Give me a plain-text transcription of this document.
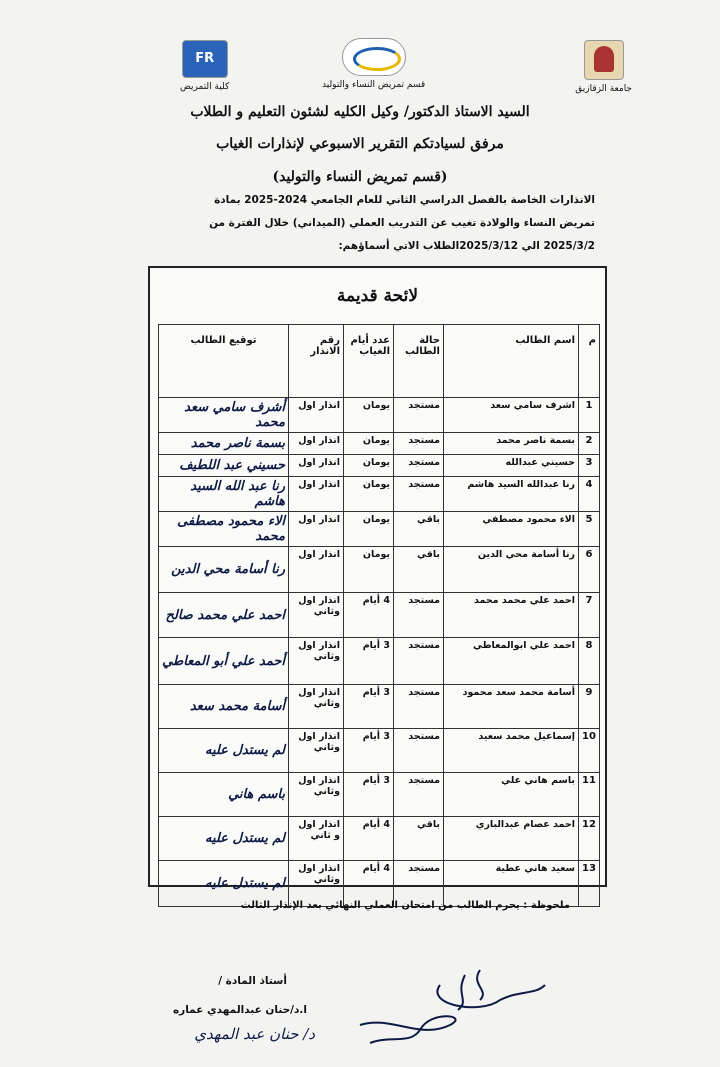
جامعة الزقازيق
قسم تمريض النساء والتوليد
FR
كلية التمريض
السيد الاستاذ الدكتور/ وكيل الكليه لشئون التعليم و الطلاب
مرفق لسيادتكم التقرير الاسبوعي لإنذارات الغياب
(قسم تمريض النساء والتوليد)
الانذارات الخاصة بالفصل الدراسي الثاني للعام الجامعي 2024-2025 بمادة
تمريض النساء والولادة تغيب عن التدريب العملي (الميداني) خلال الفترة من
2025/3/2 الي 2025/3/12الطلاب الاتي أسماؤهم:
لائحة قديمة
م	اسم الطالب	حالة الطالب	عدد أيام الغياب	رقم الانذار	توقيع الطالب
1	اشرف سامي سعد	مستجد	يومان	انذار اول	أشرف سامي سعد محمد
2	بسمة ناصر محمد	مستجد	يومان	انذار اول	بسمة ناصر محمد
3	حسيني عبدالله	مستجد	يومان	انذار اول	حسيني عبد اللطيف
4	رنا عبدالله السيد هاشم	مستجد	يومان	انذار اول	رنا عبد الله السيد هاشم
5	الاء محمود مصطفي	باقي	يومان	انذار اول	الاء محمود مصطفى محمد
6	رنا أسامة محي الدين	باقي	يومان	انذار اول	رنا أسامة محي الدين
7	احمد علي محمد محمد	مستجد	4 أيام	انذار اول وثاني	احمد علي محمد صالح
8	احمد علي ابوالمعاطي	مستجد	3 أيام	انذار اول وثاني	أحمد علي أبو المعاطي
9	أسامة محمد سعد محمود	مستجد	3 أيام	انذار اول وثاني	أسامة محمد سعد
10	إسماعيل محمد سعيد	مستجد	3 أيام	انذار اول وثاني	لم يستدل عليه
11	باسم هاني علي	مستجد	3 أيام	انذار اول وثاني	باسم هاني
12	احمد عصام عبدالباري	باقي	4 أيام	انذار اول و ثاني	لم يستدل عليه
13	سعيد هاني عطية	مستجد	4 أيام	انذار اول وثاني	لم يستدل عليه
ملحوظة : يحرم الطالب من امتحان العملي النهائي بعد الإنذار الثالث
أستاذ المادة /
ا.د/حنان عبدالمهدي عماره
د/ حنان عبد المهدي
